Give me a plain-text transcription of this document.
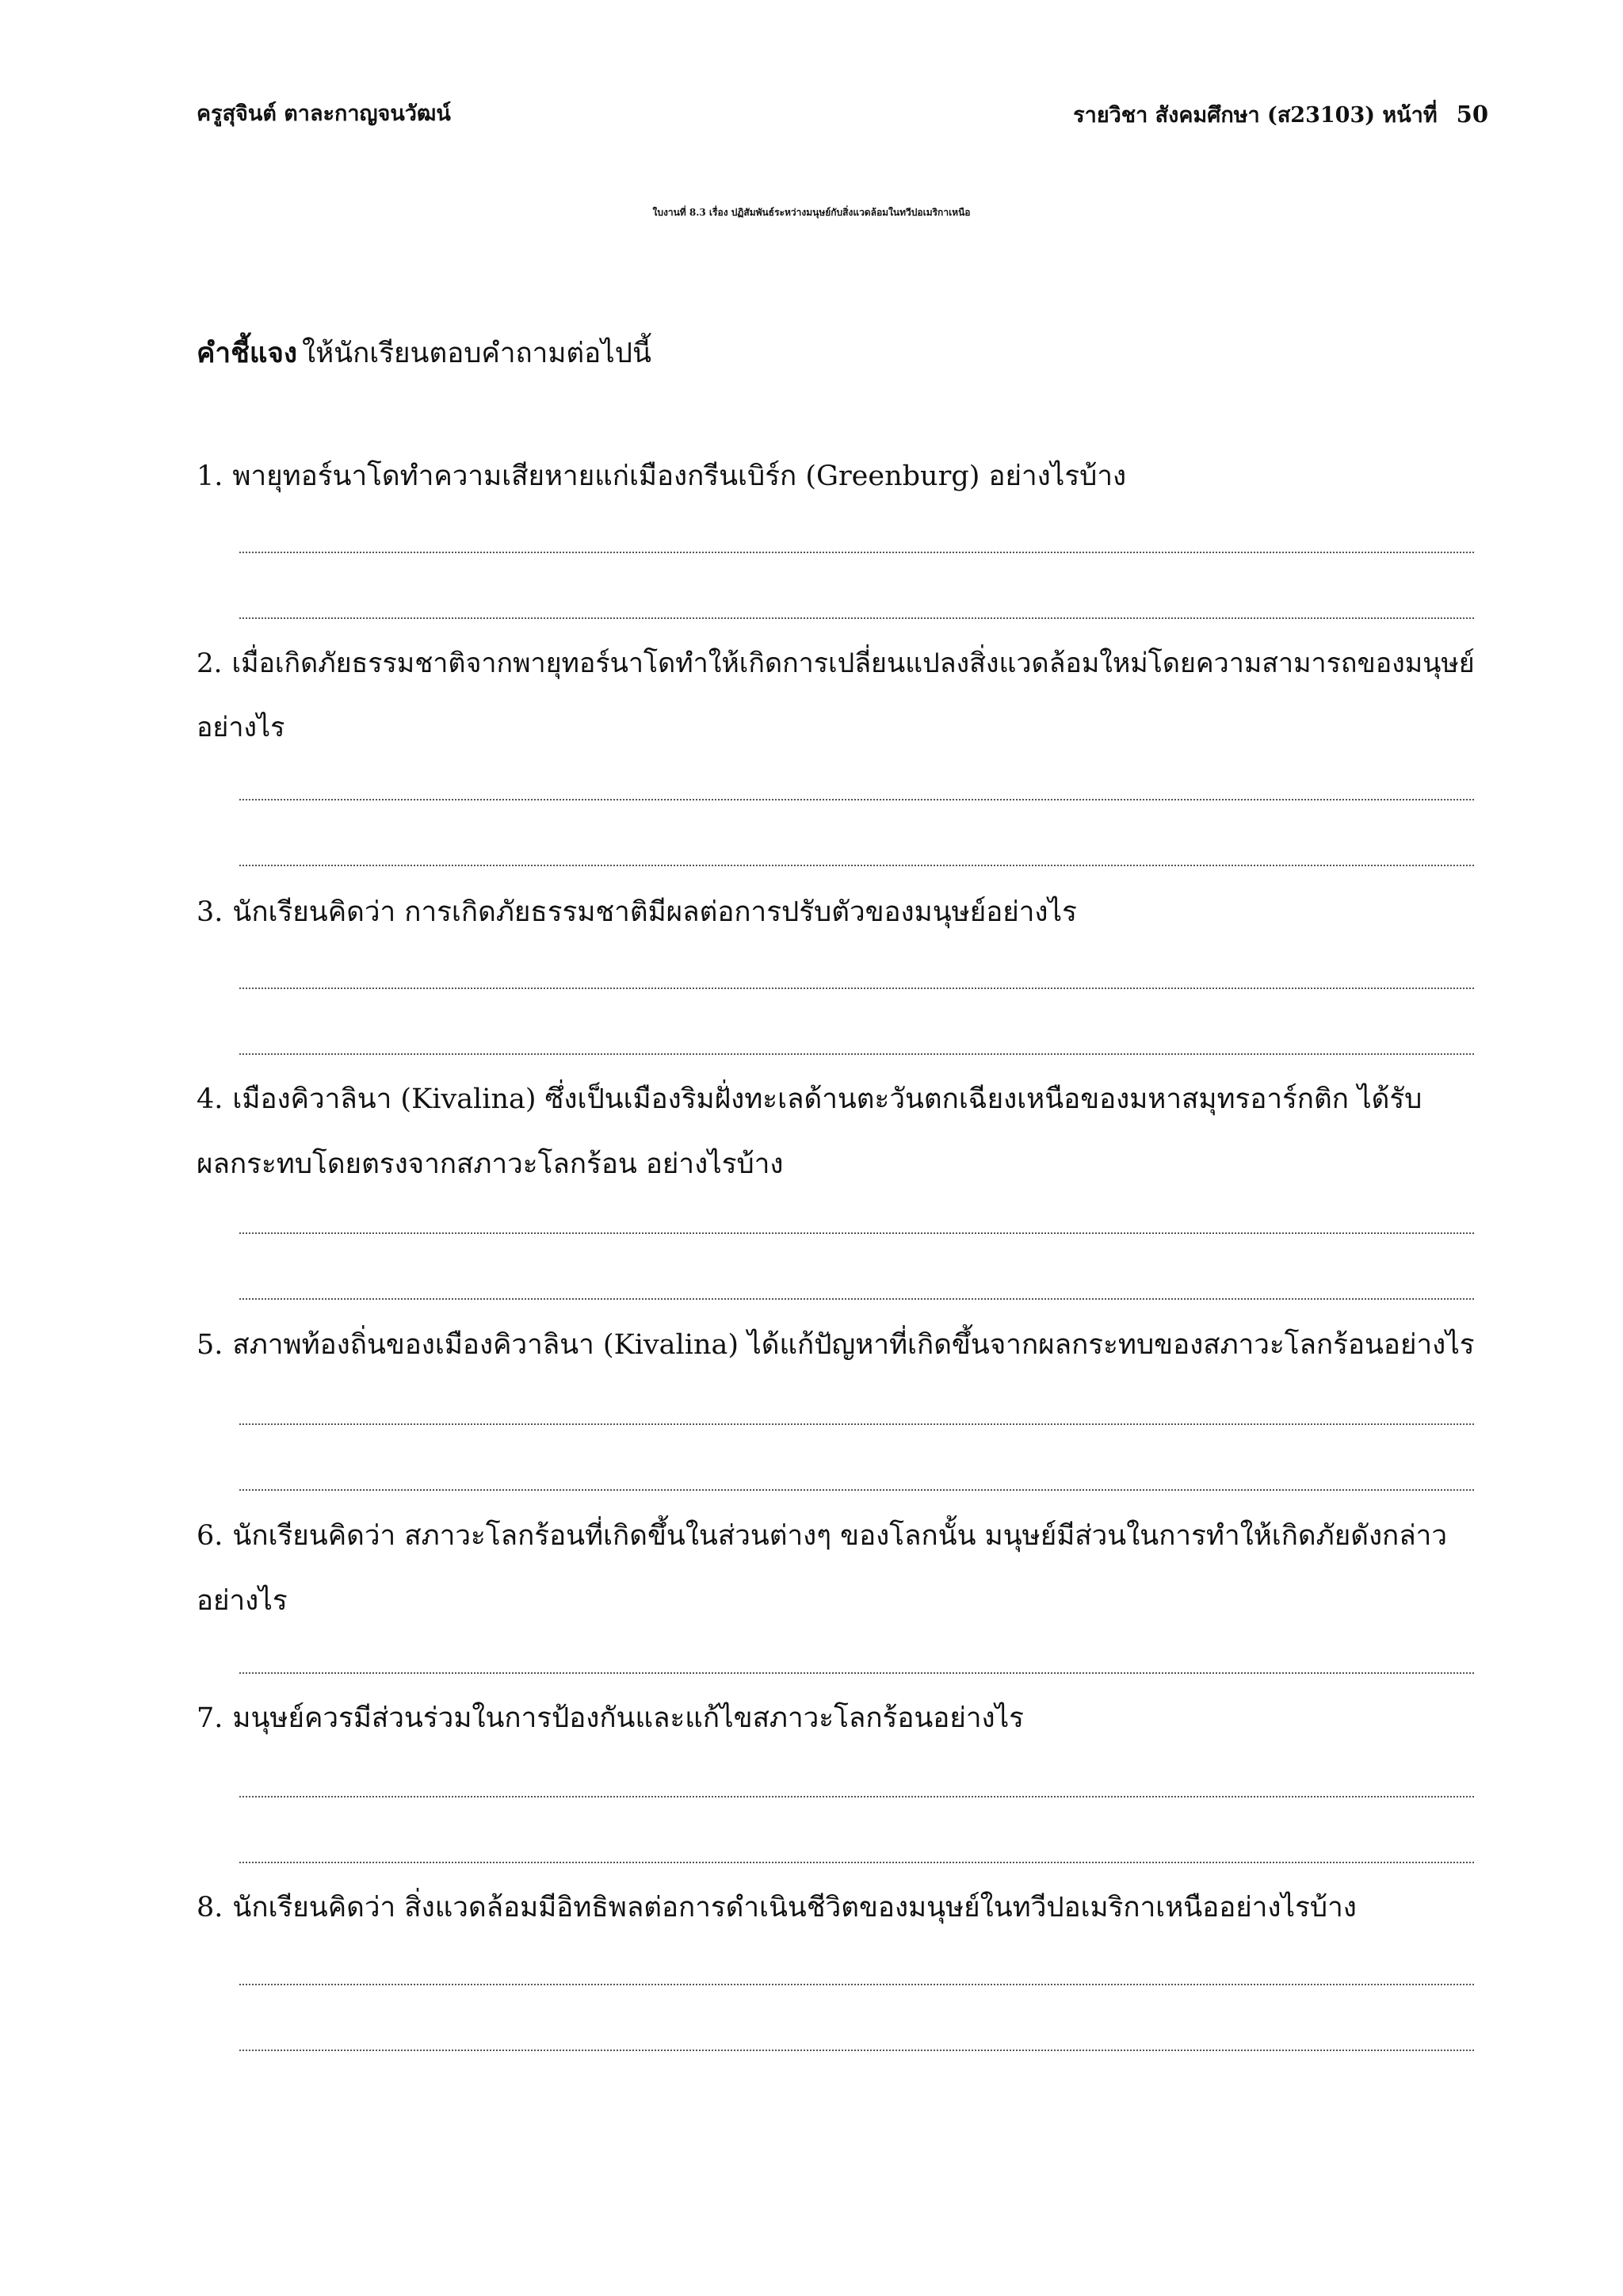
ครูสุจินต์ ตาละกาญจนวัฒน์	รายวิชา สังคมศึกษา (ส23103) หน้าที่ 50
ใบงานที่ 8.3 เรื่อง ปฏิสัมพันธ์ระหว่างมนุษย์กับสิ่งแวดล้อมในทวีปอเมริกาเหนือ
คำชี้แจง ให้นักเรียนตอบคำถามต่อไปนี้
1. พายุทอร์นาโดทำความเสียหายแก่เมืองกรีนเบิร์ก (Greenburg) อย่างไรบ้าง
2. เมื่อเกิดภัยธรรมชาติจากพายุทอร์นาโดทำให้เกิดการเปลี่ยนแปลงสิ่งแวดล้อมใหม่โดยความสามารถของมนุษย์
อย่างไร
3. นักเรียนคิดว่า การเกิดภัยธรรมชาติมีผลต่อการปรับตัวของมนุษย์อย่างไร
4. เมืองคิวาลินา (Kivalina) ซึ่งเป็นเมืองริมฝั่งทะเลด้านตะวันตกเฉียงเหนือของมหาสมุทรอาร์กติก ได้รับ
ผลกระทบโดยตรงจากสภาวะโลกร้อน อย่างไรบ้าง
5. สภาพท้องถิ่นของเมืองคิวาลินา (Kivalina) ได้แก้ปัญหาที่เกิดขึ้นจากผลกระทบของสภาวะโลกร้อนอย่างไร
6. นักเรียนคิดว่า สภาวะโลกร้อนที่เกิดขึ้นในส่วนต่างๆ ของโลกนั้น มนุษย์มีส่วนในการทำให้เกิดภัยดังกล่าว
อย่างไร
7. มนุษย์ควรมีส่วนร่วมในการป้องกันและแก้ไขสภาวะโลกร้อนอย่างไร
8. นักเรียนคิดว่า สิ่งแวดล้อมมีอิทธิพลต่อการดำเนินชีวิตของมนุษย์ในทวีปอเมริกาเหนืออย่างไรบ้าง
